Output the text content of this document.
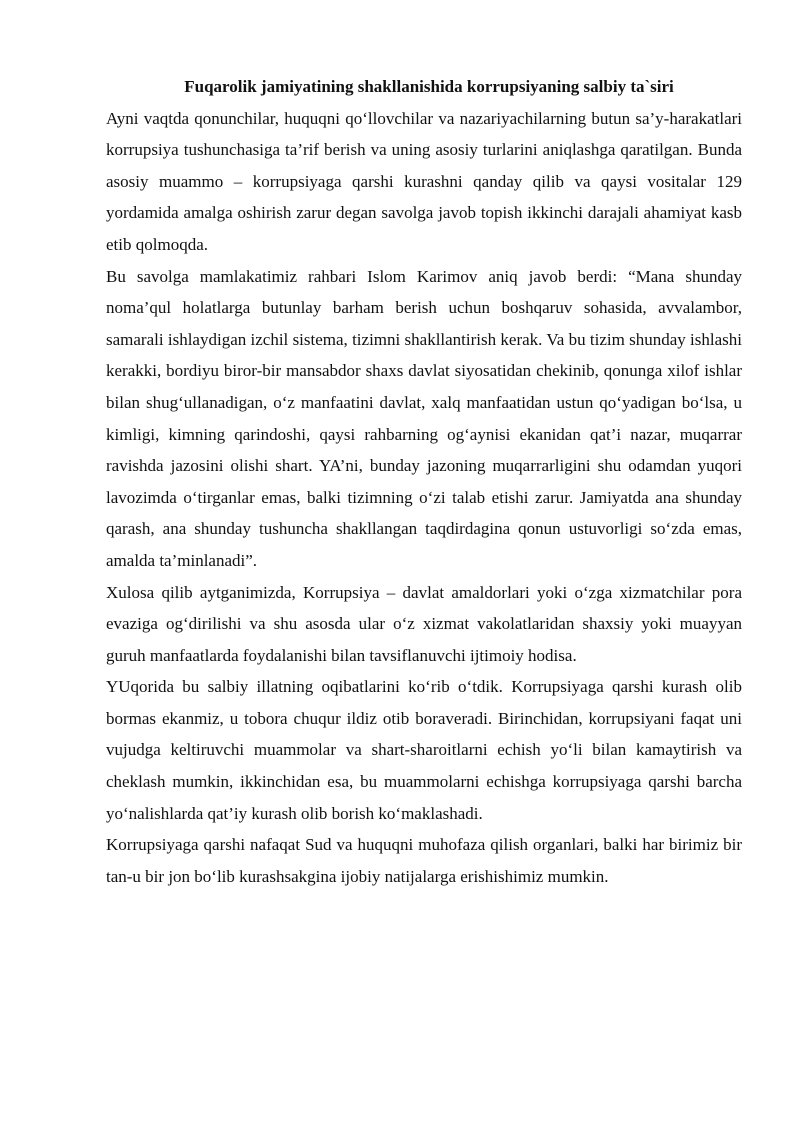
Fuqarolik jamiyatining shakllanishida korrupsiyaning salbiy ta`siri

Ayni vaqtda qonunchilar, huquqni qo‘llovchilar va nazariyachilarning butun sa’y-harakatlari korrupsiya tushunchasiga ta’rif berish va uning asosiy turlarini aniqlashga qaratilgan. Bunda asosiy muammo – korrupsiyaga qarshi kurashni qanday qilib va qaysi vositalar 129 yordamida amalga oshirish zarur degan savolga javob topish ikkinchi darajali ahamiyat kasb etib qolmoqda.

Bu savolga mamlakatimiz rahbari Islom Karimov aniq javob berdi: “Mana shunday noma’qul holatlarga butunlay barham berish uchun boshqaruv sohasida, avvalambor, samarali ishlaydigan izchil sistema, tizimni shakllantirish kerak. Va bu tizim shunday ishlashi kerakki, bordiyu biror-bir mansabdor shaxs davlat siyosatidan chekinib, qonunga xilof ishlar bilan shug‘ullanadigan, o‘z manfaatini davlat, xalq manfaatidan ustun qo‘yadigan bo‘lsa, u kimligi, kimning qarindoshi, qaysi rahbarning og‘aynisi ekanidan qat’i nazar, muqarrar ravishda jazosini olishi shart. YA’ni, bunday jazoning muqarrarligini shu odamdan yuqori lavozimda o‘tirganlar emas, balki tizimning o‘zi talab etishi zarur. Jamiyatda ana shunday qarash, ana shunday tushuncha shakllangan taqdirdagina qonun ustuvorligi so‘zda emas, amalda ta’minlanadi”.

Xulosa qilib aytganimizda, Korrupsiya – davlat amaldorlari yoki o‘zga xizmatchilar pora evaziga og‘dirilishi va shu asosda ular o‘z xizmat vakolatlaridan shaxsiy yoki muayyan guruh manfaatlarda foydalanishi bilan tavsiflanuvchi ijtimoiy hodisa.

YUqorida bu salbiy illatning oqibatlarini ko‘rib o‘tdik. Korrupsiyaga qarshi kurash olib bormas ekanmiz, u tobora chuqur ildiz otib boraveradi. Birinchidan, korrupsiyani faqat uni vujudga keltiruvchi muammolar va shart-sharoitlarni echish yo‘li bilan kamaytirish va cheklash mumkin, ikkinchidan esa, bu muammolarni echishga korrupsiyaga qarshi barcha yo‘nalishlarda qat’iy kurash olib borish ko‘maklashadi.

Korrupsiyaga qarshi nafaqat Sud va huquqni muhofaza qilish organlari, balki har birimiz bir tan-u bir jon bo‘lib kurashsakgina ijobiy natijalarga erishishimiz mumkin.
